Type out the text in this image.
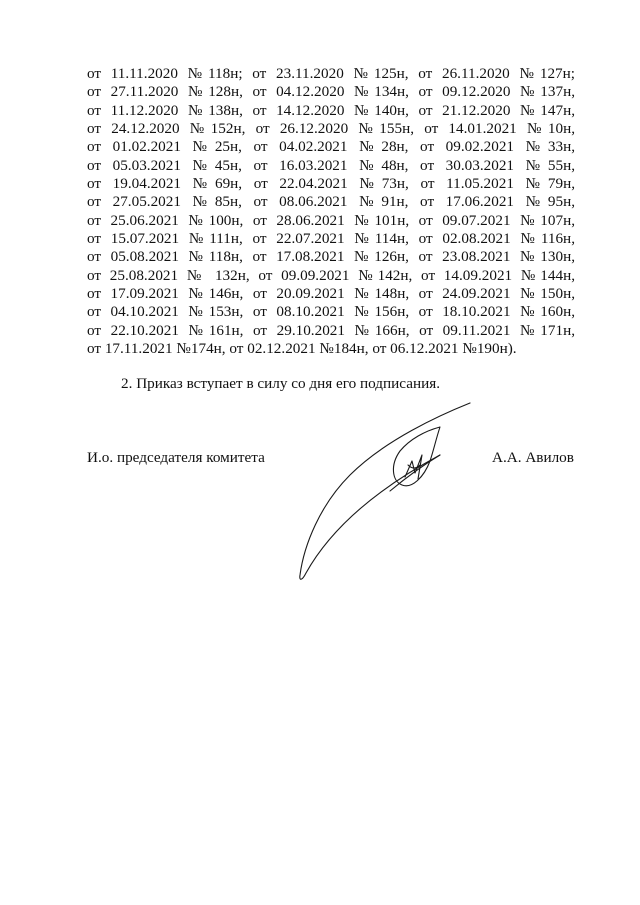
от 11.11.2020 №118н; от 23.11.2020 №125н, от 26.11.2020 №127н;
от 27.11.2020 №128н, от 04.12.2020 №134н, от 09.12.2020 №137н,
от 11.12.2020 №138н, от 14.12.2020 №140н, от 21.12.2020 №147н,
от 24.12.2020 №152н, от 26.12.2020 №155н, от 14.01.2021 №10н,
от 01.02.2021 №25н, от 04.02.2021 №28н, от 09.02.2021 №33н,
от 05.03.2021 №45н, от 16.03.2021 №48н, от 30.03.2021 №55н,
от 19.04.2021 №69н, от 22.04.2021 №73н, от 11.05.2021 №79н,
от 27.05.2021 №85н, от 08.06.2021 №91н, от 17.06.2021 №95н,
от 25.06.2021 №100н, от 28.06.2021 №101н, от 09.07.2021 №107н,
от 15.07.2021 №111н, от 22.07.2021 №114н, от 02.08.2021 №116н,
от 05.08.2021 №118н, от 17.08.2021 №126н, от 23.08.2021 №130н,
от 25.08.2021 № 132н, от 09.09.2021 №142н, от 14.09.2021 №144н,
от 17.09.2021 №146н, от 20.09.2021 №148н, от 24.09.2021 №150н,
от 04.10.2021 №153н, от 08.10.2021 №156н, от 18.10.2021 №160н,
от 22.10.2021 №161н, от 29.10.2021 №166н, от 09.11.2021 №171н,
от 17.11.2021 №174н, от 02.12.2021 №184н, от 06.12.2021 №190н).
2. Приказ вступает в силу со дня его подписания.
И.о. председателя комитета	А.А. Авилов
